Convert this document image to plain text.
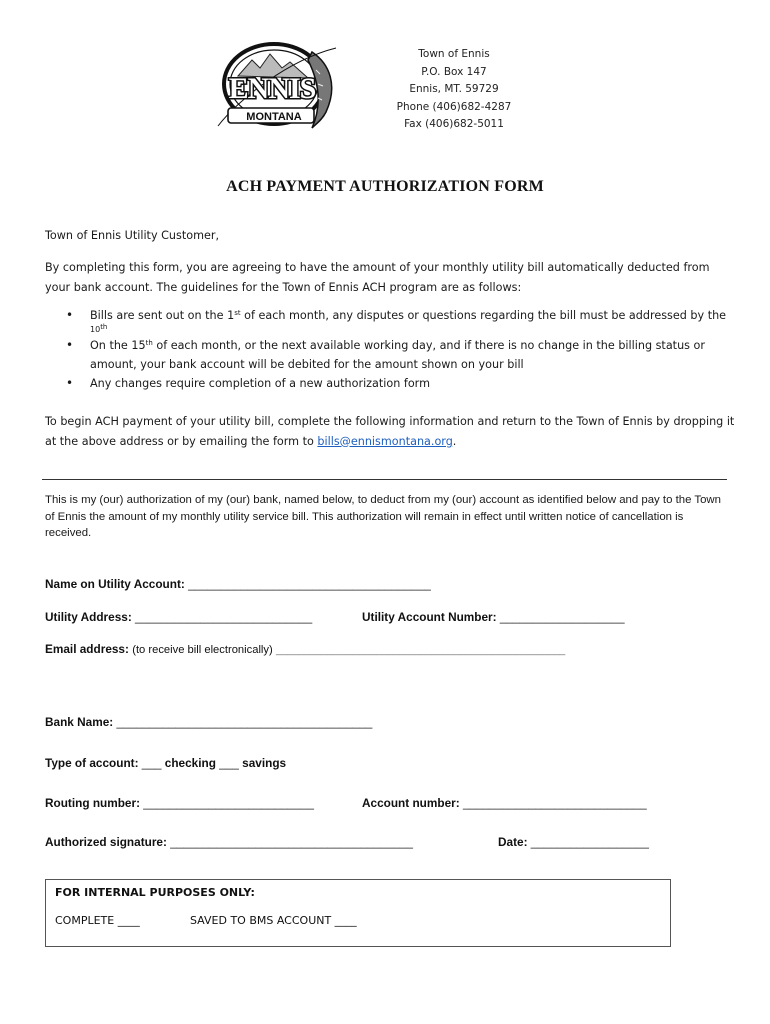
ENNIS
MONTANA
Town of Ennis
P.O. Box 147
Ennis, MT. 59729
Phone (406)682-4287
Fax (406)682-5011
ACH PAYMENT AUTHORIZATION FORM
Town of Ennis Utility Customer,
By completing this form, you are agreeing to have the amount of your monthly utility bill automatically deducted from your bank account. The guidelines for the Town of Ennis ACH program are as follows:
• Bills are sent out on the 1st of each month, any disputes or questions regarding the bill must be addressed by the
10th
• On the 15th of each month, or the next available working day, and if there is no change in the billing status or amount, your bank account will be debited for the amount shown on your bill
• Any changes require completion of a new authorization form
To begin ACH payment of your utility bill, complete the following information and return to the Town of Ennis by dropping it at the above address or by emailing the form to bills@ennismontana.org.
This is my (our) authorization of my (our) bank, named below, to deduct from my (our) account as identified below and pay to the Town of Ennis the amount of my monthly utility service bill. This authorization will remain in effect until written notice of cancellation is received.
Name on Utility Account: _____________________________________
Utility Address: ___________________________	Utility Account Number: ___________________
Email address: (to receive bill electronically) ____________________________________________________
Bank Name: _______________________________________
Type of account: ___ checking ___ savings
Routing number: __________________________	Account number: ____________________________
Authorized signature: _____________________________________	Date: __________________
FOR INTERNAL PURPOSES ONLY:
COMPLETE ____	SAVED TO BMS ACCOUNT ____
